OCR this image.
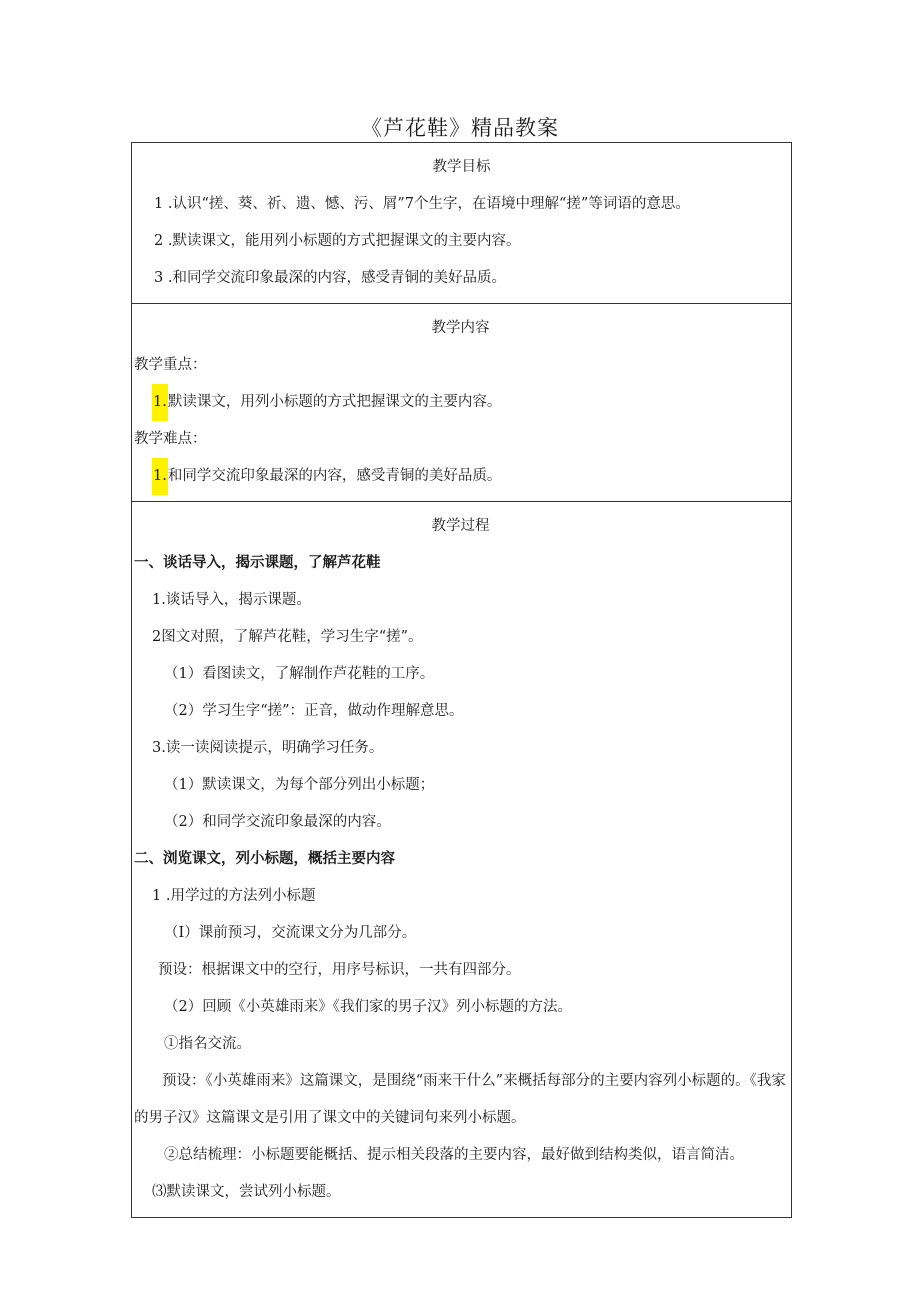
《芦花鞋》精品教案
教学目标
1 .认识“搓、葵、祈、遗、憾、污、屑”7个生字，在语境中理解“搓”等词语的意思。
2 .默读课文，能用列小标题的方式把握课文的主要内容。
3 .和同学交流印象最深的内容，感受青铜的美好品质。

教学内容
教学重点：
1.默读课文，用列小标题的方式把握课文的主要内容。
教学难点：
1.和同学交流印象最深的内容，感受青铜的美好品质。

教学过程
一、谈话导入，揭示课题，了解芦花鞋
1.谈话导入，揭示课题。
2图文对照，了解芦花鞋，学习生字“搓”。
（1）看图读文，了解制作芦花鞋的工序。
（2）学习生字“搓”：正音，做动作理解意思。
3.读一读阅读提示，明确学习任务。
（1）默读课文，为每个部分列出小标题；
（2）和同学交流印象最深的内容。
二、浏览课文，列小标题，概括主要内容
1 .用学过的方法列小标题
（I）课前预习，交流课文分为几部分。
预设：根据课文中的空行，用序号标识，一共有四部分。
（2）回顾《小英雄雨来》《我们家的男子汉》列小标题的方法。
①指名交流。
预设：《小英雄雨来》这篇课文，是围绕“雨来干什么”来概括每部分的主要内容列小标题的。《我家的男子汉》这篇课文是引用了课文中的关键词句来列小标题。
②总结梳理：小标题要能概括、提示相关段落的主要内容，最好做到结构类似，语言简洁。
⑶默读课文，尝试列小标题。
